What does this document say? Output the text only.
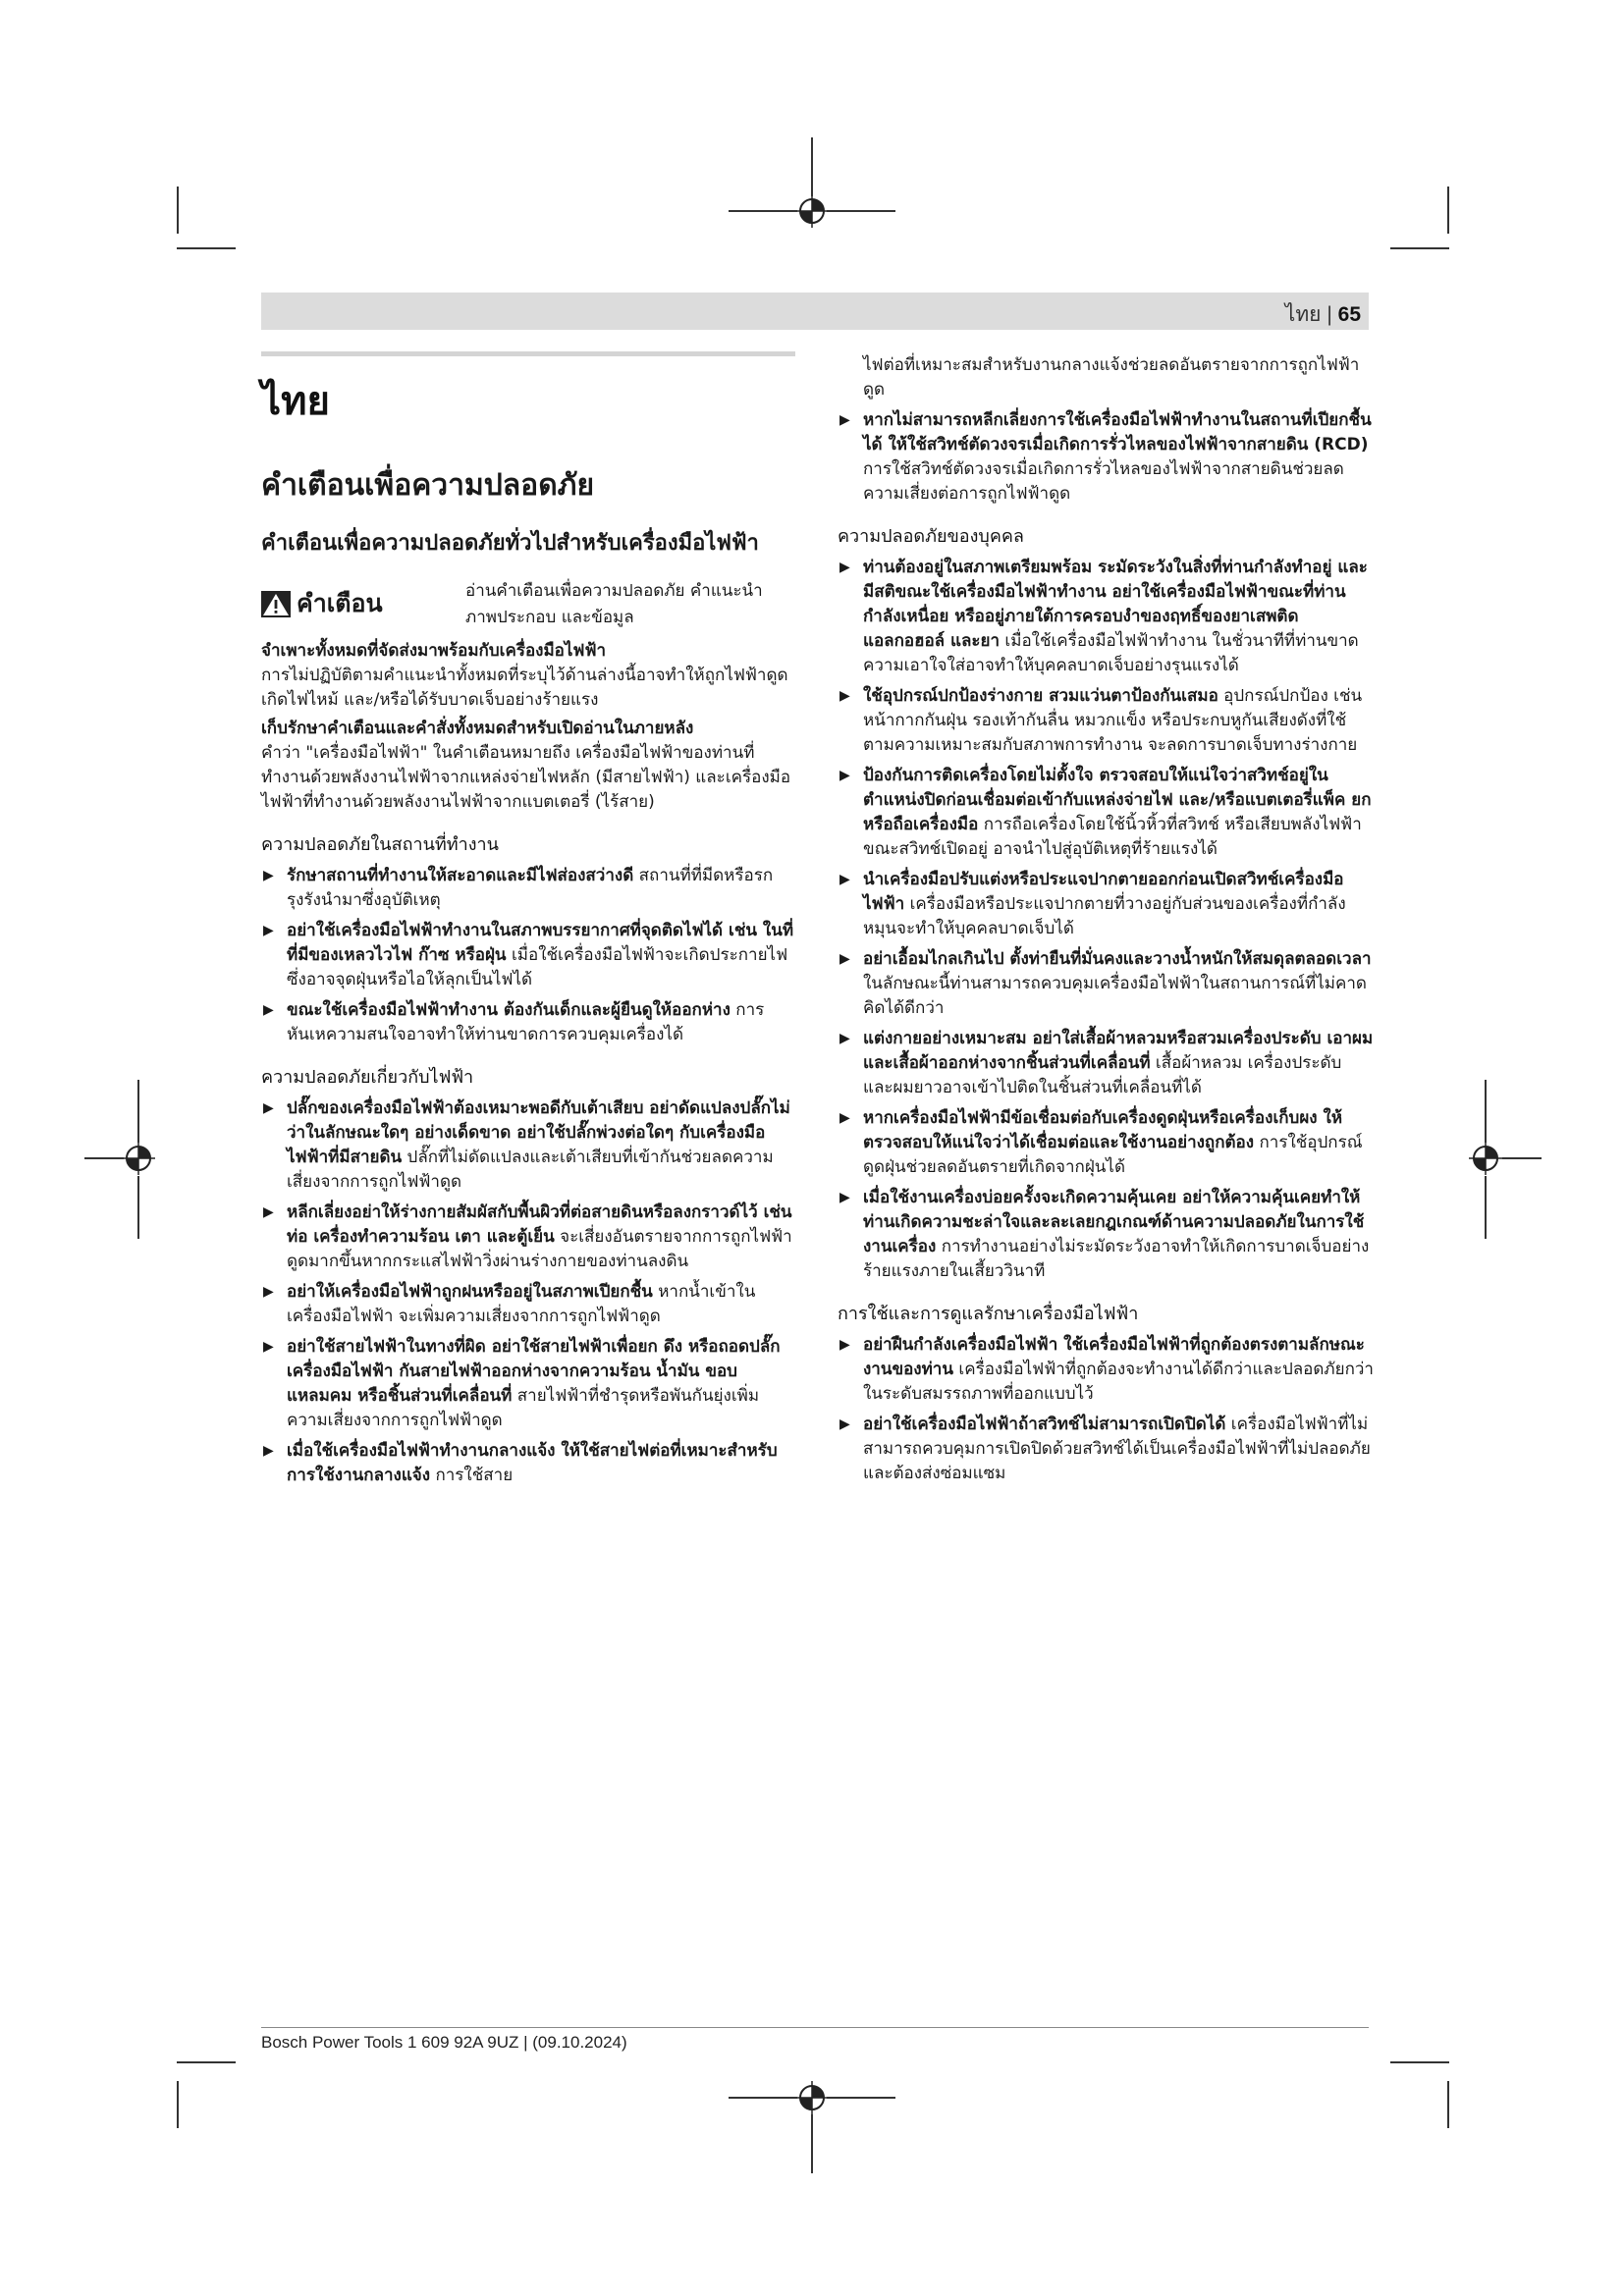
ไทย | 65
ไทย
คำเตือนเพื่อความปลอดภัย
คำเตือนเพื่อความปลอดภัยทั่วไปสำหรับเครื่องมือไฟฟ้า
คำเตือน	อ่านคำเตือนเพื่อความปลอดภัย คำแนะนำ ภาพประกอบ และข้อมูล

จำเพาะทั้งหมดที่จัดส่งมาพร้อมกับเครื่องมือไฟฟ้า

การไม่ปฏิบัติตามคำแนะนำทั้งหมดที่ระบุไว้ด้านล่างนี้อาจทำให้ถูกไฟฟ้าดูด เกิดไฟไหม้ และ/หรือได้รับบาดเจ็บอย่างร้ายแรง

เก็บรักษาคำเตือนและคำสั่งทั้งหมดสำหรับเปิดอ่านในภายหลัง

คำว่า "เครื่องมือไฟฟ้า" ในคำเตือนหมายถึง เครื่องมือไฟฟ้าของท่านที่ทำงานด้วยพลังงานไฟฟ้าจากแหล่งจ่ายไฟหลัก (มีสายไฟฟ้า) และเครื่องมือไฟฟ้าที่ทำงานด้วยพลังงานไฟฟ้าจากแบตเตอรี่ (ไร้สาย)

ความปลอดภัยในสถานที่ทำงาน
▶ รักษาสถานที่ทำงานให้สะอาดและมีไฟส่องสว่างดี สถานที่ที่มีดหรือรกรุงรังนำมาซึ่งอุบัติเหตุ
▶ อย่าใช้เครื่องมือไฟฟ้าทำงานในสภาพบรรยากาศที่จุดติดไฟได้ เช่น ในที่ที่มีของเหลวไวไฟ ก๊าซ หรือฝุ่น เมื่อใช้เครื่องมือไฟฟ้าจะเกิดประกายไฟซึ่งอาจจุดฝุ่นหรือไอให้ลุกเป็นไฟได้
▶ ขณะใช้เครื่องมือไฟฟ้าทำงาน ต้องกันเด็กและผู้ยืนดูให้ออกห่าง การหันเหความสนใจอาจทำให้ท่านขาดการควบคุมเครื่องได้
ความปลอดภัยเกี่ยวกับไฟฟ้า
▶ ปลั๊กของเครื่องมือไฟฟ้าต้องเหมาะพอดีกับเต้าเสียบ อย่าดัดแปลงปลั๊กไม่ว่าในลักษณะใดๆ อย่างเด็ดขาด อย่าใช้ปลั๊กพ่วงต่อใดๆ กับเครื่องมือไฟฟ้าที่มีสายดิน ปลั๊กที่ไม่ดัดแปลงและเต้าเสียบที่เข้ากันช่วยลดความเสี่ยงจากการถูกไฟฟ้าดูด
▶ หลีกเลี่ยงอย่าให้ร่างกายสัมผัสกับพื้นผิวที่ต่อสายดินหรือลงกราวด์ไว้ เช่น ท่อ เครื่องทำความร้อน เตา และตู้เย็น จะเสี่ยงอันตรายจากการถูกไฟฟ้าดูดมากขึ้นหากกระแสไฟฟ้าวิ่งผ่านร่างกายของท่านลงดิน
▶ อย่าให้เครื่องมือไฟฟ้าถูกฝนหรืออยู่ในสภาพเปียกชื้น หากน้ำเข้าในเครื่องมือไฟฟ้า จะเพิ่มความเสี่ยงจากการถูกไฟฟ้าดูด
▶ อย่าใช้สายไฟฟ้าในทางที่ผิด อย่าใช้สายไฟฟ้าเพื่อยก ดึง หรือถอดปลั๊กเครื่องมือไฟฟ้า กันสายไฟฟ้าออกห่างจากความร้อน น้ำมัน ขอบแหลมคม หรือชิ้นส่วนที่เคลื่อนที่ สายไฟฟ้าที่ชำรุดหรือพันกันยุ่งเพิ่มความเสี่ยงจากการถูกไฟฟ้าดูด
▶ เมื่อใช้เครื่องมือไฟฟ้าทำงานกลางแจ้ง ให้ใช้สายไฟต่อที่เหมาะสำหรับการใช้งานกลางแจ้ง การใช้สาย

ไฟต่อที่เหมาะสมสำหรับงานกลางแจ้งช่วยลดอันตรายจากการถูกไฟฟ้าดูด

▶ หากไม่สามารถหลีกเลี่ยงการใช้เครื่องมือไฟฟ้าทำงานในสถานที่เปียกชื้นได้ ให้ใช้สวิทช์ตัดวงจรเมื่อเกิดการรั่วไหลของไฟฟ้าจากสายดิน (RCD) การใช้สวิทช์ตัดวงจรเมื่อเกิดการรั่วไหลของไฟฟ้าจากสายดินช่วยลดความเสี่ยงต่อการถูกไฟฟ้าดูด
ความปลอดภัยของบุคคล
▶ ท่านต้องอยู่ในสภาพเตรียมพร้อม ระมัดระวังในสิ่งที่ท่านกำลังทำอยู่ และมีสติขณะใช้เครื่องมือไฟฟ้าทำงาน อย่าใช้เครื่องมือไฟฟ้าขณะที่ท่านกำลังเหนื่อย หรืออยู่ภายใต้การครอบงำของฤทธิ์ของยาเสพติด แอลกอฮอล์ และยา เมื่อใช้เครื่องมือไฟฟ้าทำงาน ในชั่วนาทีที่ท่านขาดความเอาใจใส่อาจทำให้บุคคลบาดเจ็บอย่างรุนแรงได้
▶ ใช้อุปกรณ์ปกป้องร่างกาย สวมแว่นตาป้องกันเสมอ อุปกรณ์ปกป้อง เช่น หน้ากากกันฝุ่น รองเท้ากันลื่น หมวกแข็ง หรือประกบหูกันเสียงดังที่ใช้ตามความเหมาะสมกับสภาพการทำงาน จะลดการบาดเจ็บทางร่างกาย
▶ ป้องกันการติดเครื่องโดยไม่ตั้งใจ ตรวจสอบให้แน่ใจว่าสวิทช์อยู่ในตำแหน่งปิดก่อนเชื่อมต่อเข้ากับแหล่งจ่ายไฟ และ/หรือแบตเตอรี่แพ็ค ยกหรือถือเครื่องมือ การถือเครื่องโดยใช้นิ้วหิ้วที่สวิทช์ หรือเสียบพลังไฟฟ้าขณะสวิทช์เปิดอยู่ อาจนำไปสู่อุบัติเหตุที่ร้ายแรงได้
▶ นำเครื่องมือปรับแต่งหรือประแจปากตายออกก่อนเปิดสวิทช์เครื่องมือไฟฟ้า เครื่องมือหรือประแจปากตายที่วางอยู่กับส่วนของเครื่องที่กำลังหมุนจะทำให้บุคคลบาดเจ็บได้
▶ อย่าเอื้อมไกลเกินไป ตั้งท่ายืนที่มั่นคงและวางน้ำหนักให้สมดุลตลอดเวลา ในลักษณะนี้ท่านสามารถควบคุมเครื่องมือไฟฟ้าในสถานการณ์ที่ไม่คาดคิดได้ดีกว่า
▶ แต่งกายอย่างเหมาะสม อย่าใส่เสื้อผ้าหลวมหรือสวมเครื่องประดับ เอาผมและเสื้อผ้าออกห่างจากชิ้นส่วนที่เคลื่อนที่ เสื้อผ้าหลวม เครื่องประดับ และผมยาวอาจเข้าไปติดในชิ้นส่วนที่เคลื่อนที่ได้
▶ หากเครื่องมือไฟฟ้ามีข้อเชื่อมต่อกับเครื่องดูดฝุ่นหรือเครื่องเก็บผง ให้ตรวจสอบให้แน่ใจว่าได้เชื่อมต่อและใช้งานอย่างถูกต้อง การใช้อุปกรณ์ดูดฝุ่นช่วยลดอันตรายที่เกิดจากฝุ่นได้
▶ เมื่อใช้งานเครื่องบ่อยครั้งจะเกิดความคุ้นเคย อย่าให้ความคุ้นเคยทำให้ท่านเกิดความชะล่าใจและละเลยกฎเกณฑ์ด้านความปลอดภัยในการใช้งานเครื่อง การทำงานอย่างไม่ระมัดระวังอาจทำให้เกิดการบาดเจ็บอย่างร้ายแรงภายในเสี้ยววินาที
การใช้และการดูแลรักษาเครื่องมือไฟฟ้า
▶ อย่าฝืนกำลังเครื่องมือไฟฟ้า ใช้เครื่องมือไฟฟ้าที่ถูกต้องตรงตามลักษณะงานของท่าน เครื่องมือไฟฟ้าที่ถูกต้องจะทำงานได้ดีกว่าและปลอดภัยกว่าในระดับสมรรถภาพที่ออกแบบไว้
▶ อย่าใช้เครื่องมือไฟฟ้าถ้าสวิทช์ไม่สามารถเปิดปิดได้ เครื่องมือไฟฟ้าที่ไม่สามารถควบคุมการเปิดปิดด้วยสวิทช์ได้เป็นเครื่องมือไฟฟ้าที่ไม่ปลอดภัยและต้องส่งซ่อมแซม
Bosch Power Tools 1 609 92A 9UZ | (09.10.2024)
